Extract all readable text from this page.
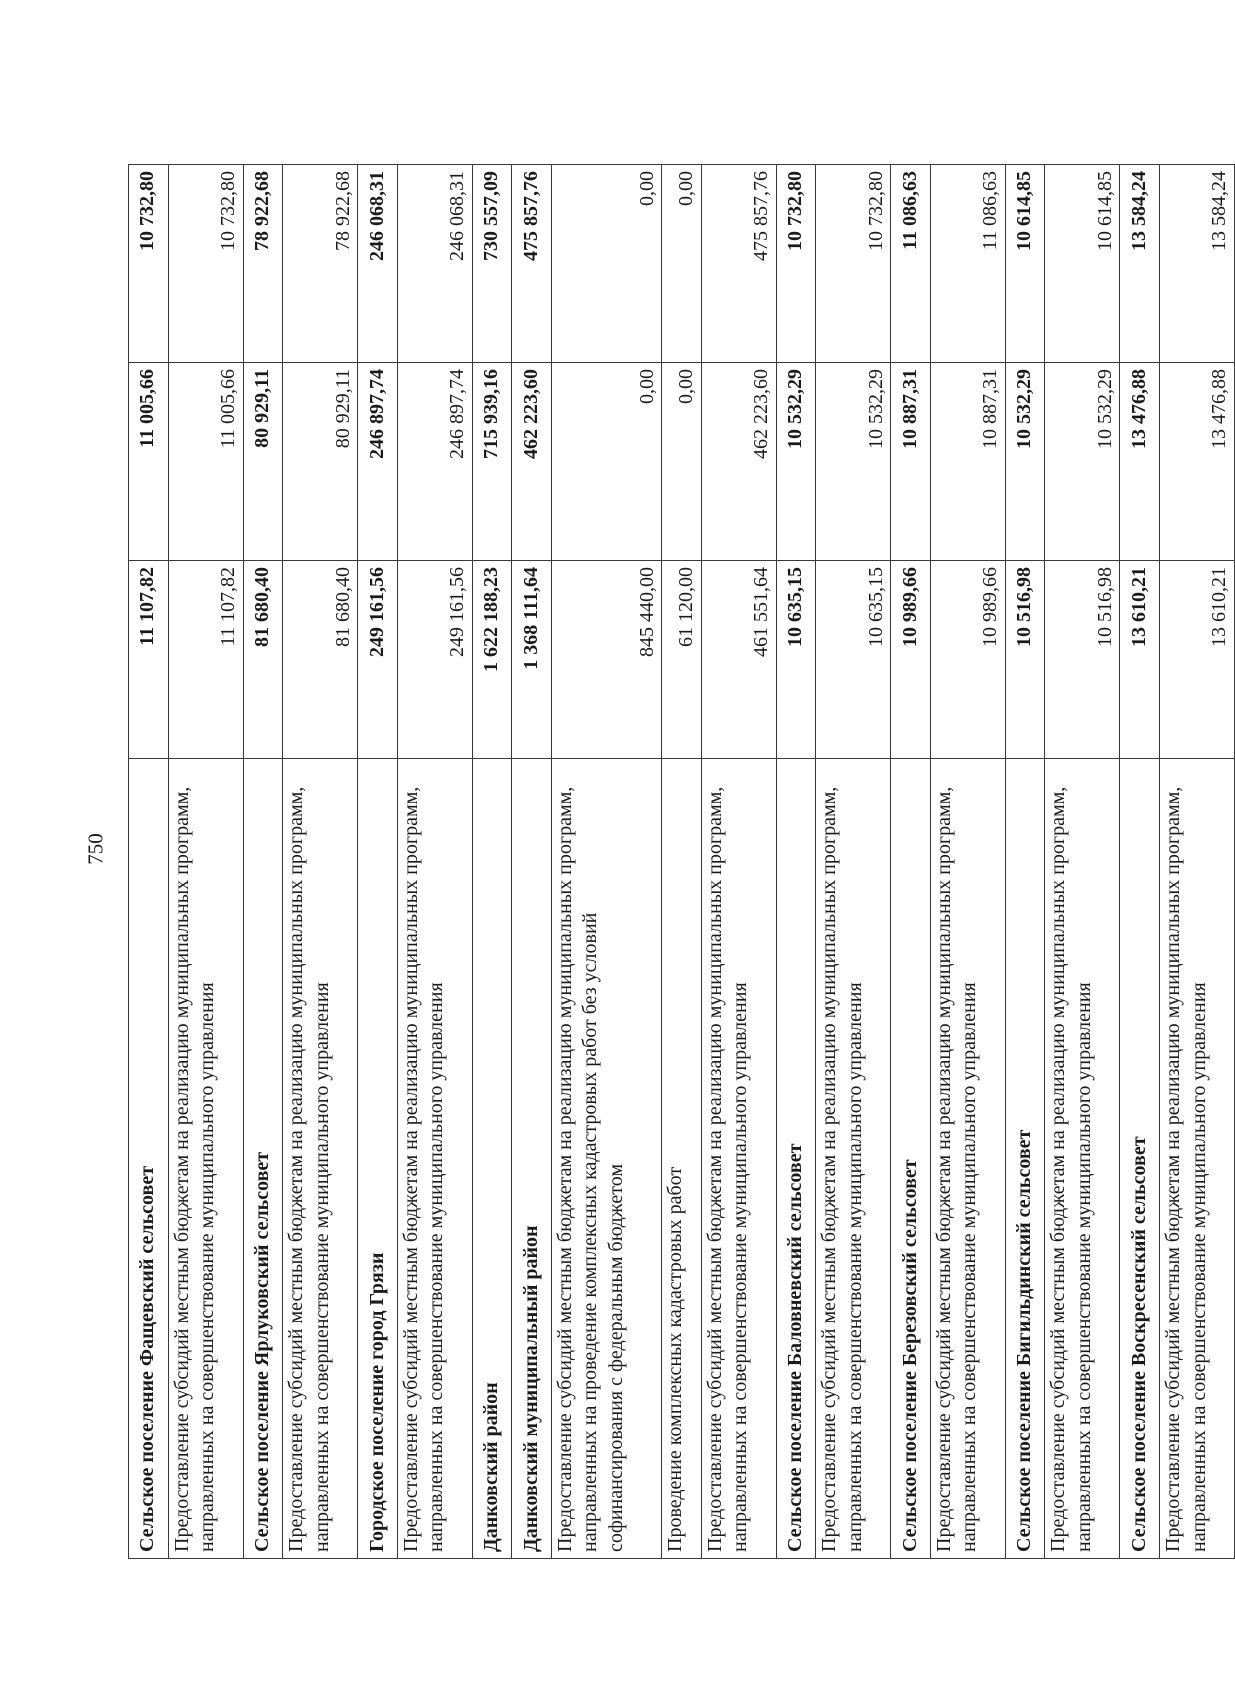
750
Сельское поселение Фащевский сельсовет	11 107,82	11 005,66	10 732,80
Предоставление субсидий местным бюджетам на реализацию муниципальных программ, направленных на совершенствование муниципального управления	11 107,82	11 005,66	10 732,80
Сельское поселение Ярлуковский сельсовет	81 680,40	80 929,11	78 922,68
Предоставление субсидий местным бюджетам на реализацию муниципальных программ, направленных на совершенствование муниципального управления	81 680,40	80 929,11	78 922,68
Городское поселение город Грязи	249 161,56	246 897,74	246 068,31
Предоставление субсидий местным бюджетам на реализацию муниципальных программ, направленных на совершенствование муниципального управления	249 161,56	246 897,74	246 068,31
Данковский район	1 622 188,23	715 939,16	730 557,09
Данковский муниципальный район	1 368 111,64	462 223,60	475 857,76
Предоставление субсидий местным бюджетам на реализацию муниципальных программ, направленных на проведение комплексных кадастровых работ без условий софинансирования с федеральным бюджетом	845 440,00	0,00	0,00
Проведение комплексных кадастровых работ	61 120,00	0,00	0,00
Предоставление субсидий местным бюджетам на реализацию муниципальных программ, направленных на совершенствование муниципального управления	461 551,64	462 223,60	475 857,76
Сельское поселение Баловневский сельсовет	10 635,15	10 532,29	10 732,80
Предоставление субсидий местным бюджетам на реализацию муниципальных программ, направленных на совершенствование муниципального управления	10 635,15	10 532,29	10 732,80
Сельское поселение Березовский сельсовет	10 989,66	10 887,31	11 086,63
Предоставление субсидий местным бюджетам на реализацию муниципальных программ, направленных на совершенствование муниципального управления	10 989,66	10 887,31	11 086,63
Сельское поселение Бигильдинский сельсовет	10 516,98	10 532,29	10 614,85
Предоставление субсидий местным бюджетам на реализацию муниципальных программ, направленных на совершенствование муниципального управления	10 516,98	10 532,29	10 614,85
Сельское поселение Воскресенский сельсовет	13 610,21	13 476,88	13 584,24
Предоставление субсидий местным бюджетам на реализацию муниципальных программ, направленных на совершенствование муниципального управления	13 610,21	13 476,88	13 584,24
